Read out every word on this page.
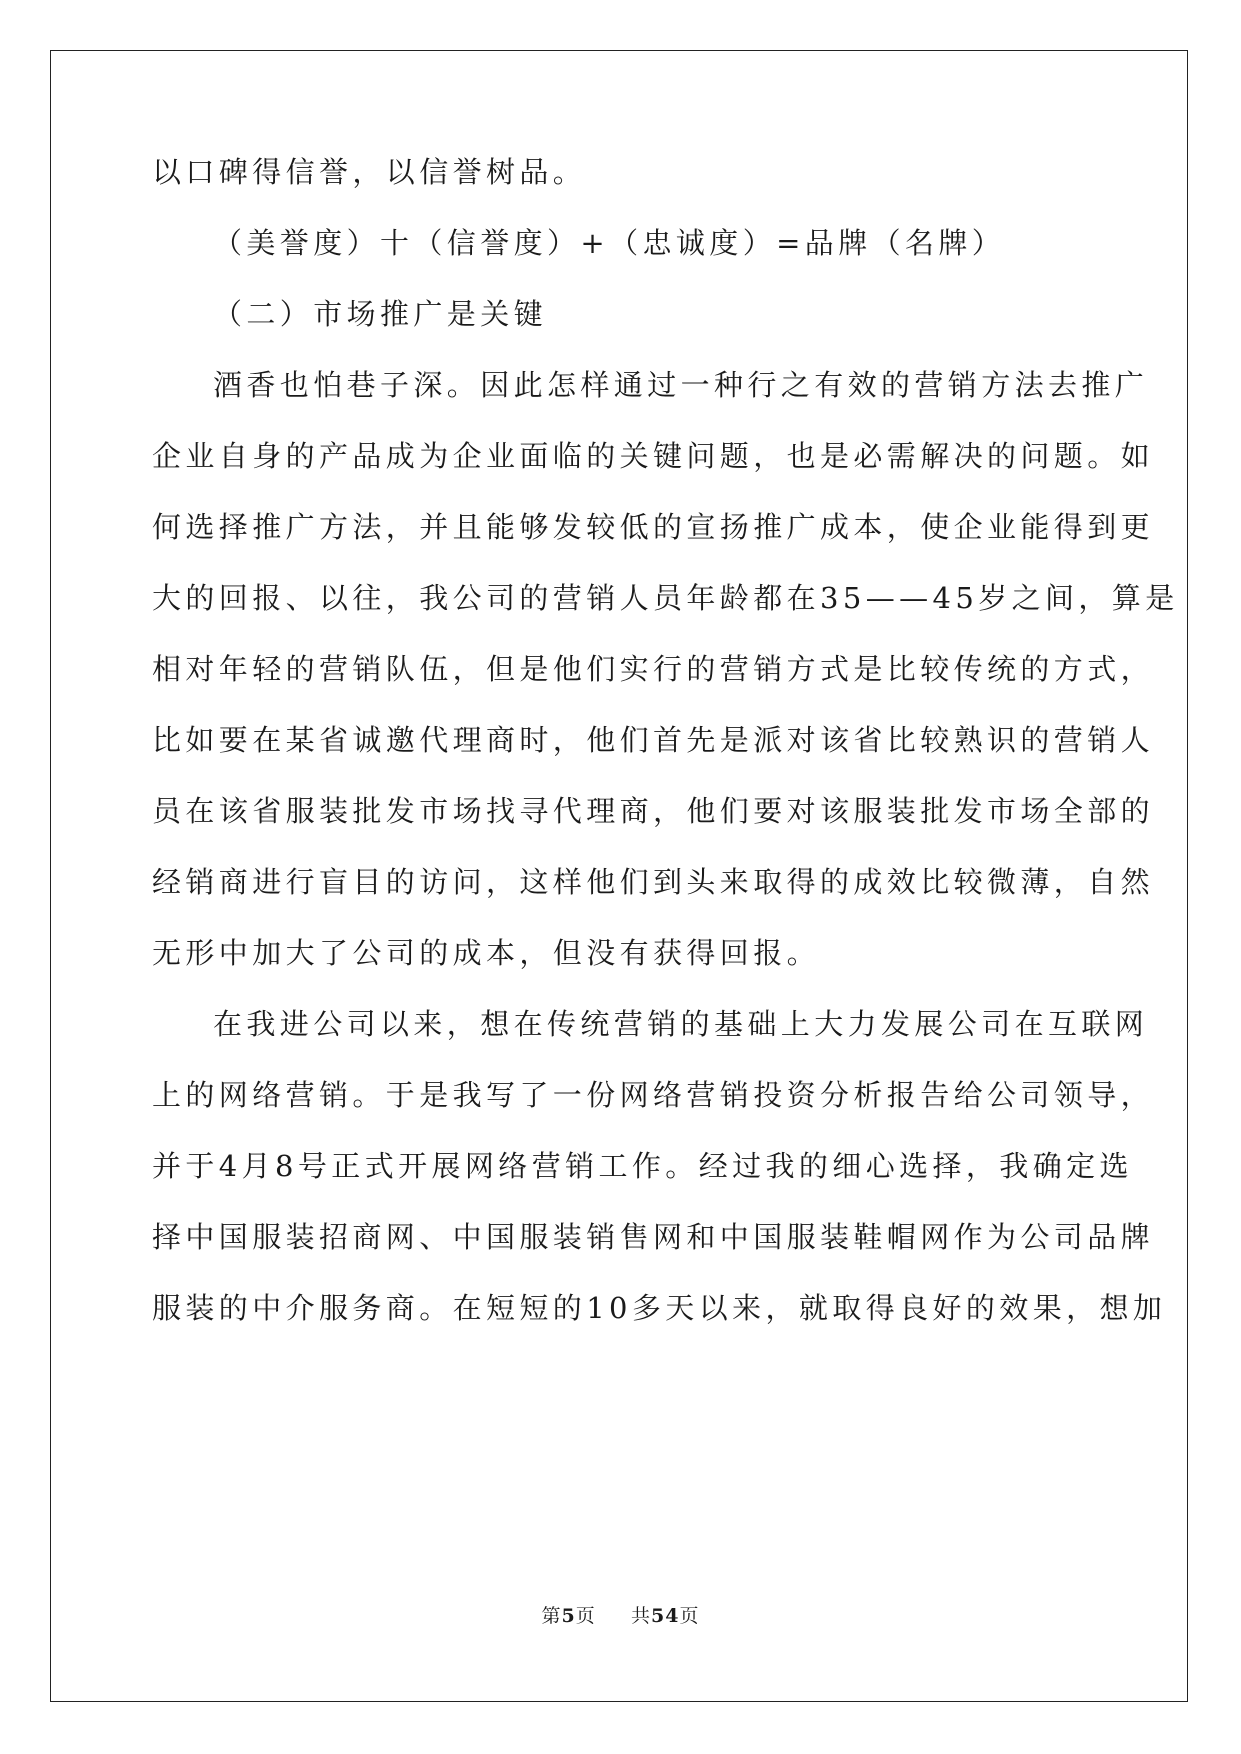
以口碑得信誉，以信誉树品。
（美誉度）十（信誉度）+（忠诚度）=品牌（名牌）
（二）市场推广是关键
酒香也怕巷子深。因此怎样通过一种行之有效的营销方法去推广
企业自身的产品成为企业面临的关键问题，也是必需解决的问题。如
何选择推广方法，并且能够发较低的宣扬推广成本，使企业能得到更
大的回报、以往，我公司的营销人员年龄都在35——45岁之间，算是
相对年轻的营销队伍，但是他们实行的营销方式是比较传统的方式，
比如要在某省诚邀代理商时，他们首先是派对该省比较熟识的营销人
员在该省服装批发市场找寻代理商，他们要对该服装批发市场全部的
经销商进行盲目的访问，这样他们到头来取得的成效比较微薄，自然
无形中加大了公司的成本，但没有获得回报。
在我进公司以来，想在传统营销的基础上大力发展公司在互联网
上的网络营销。于是我写了一份网络营销投资分析报告给公司领导，
并于4月8号正式开展网络营销工作。经过我的细心选择，我确定选
择中国服装招商网、中国服装销售网和中国服装鞋帽网作为公司品牌
服装的中介服务商。在短短的10多天以来，就取得良好的效果，想加
第5页 共54页
